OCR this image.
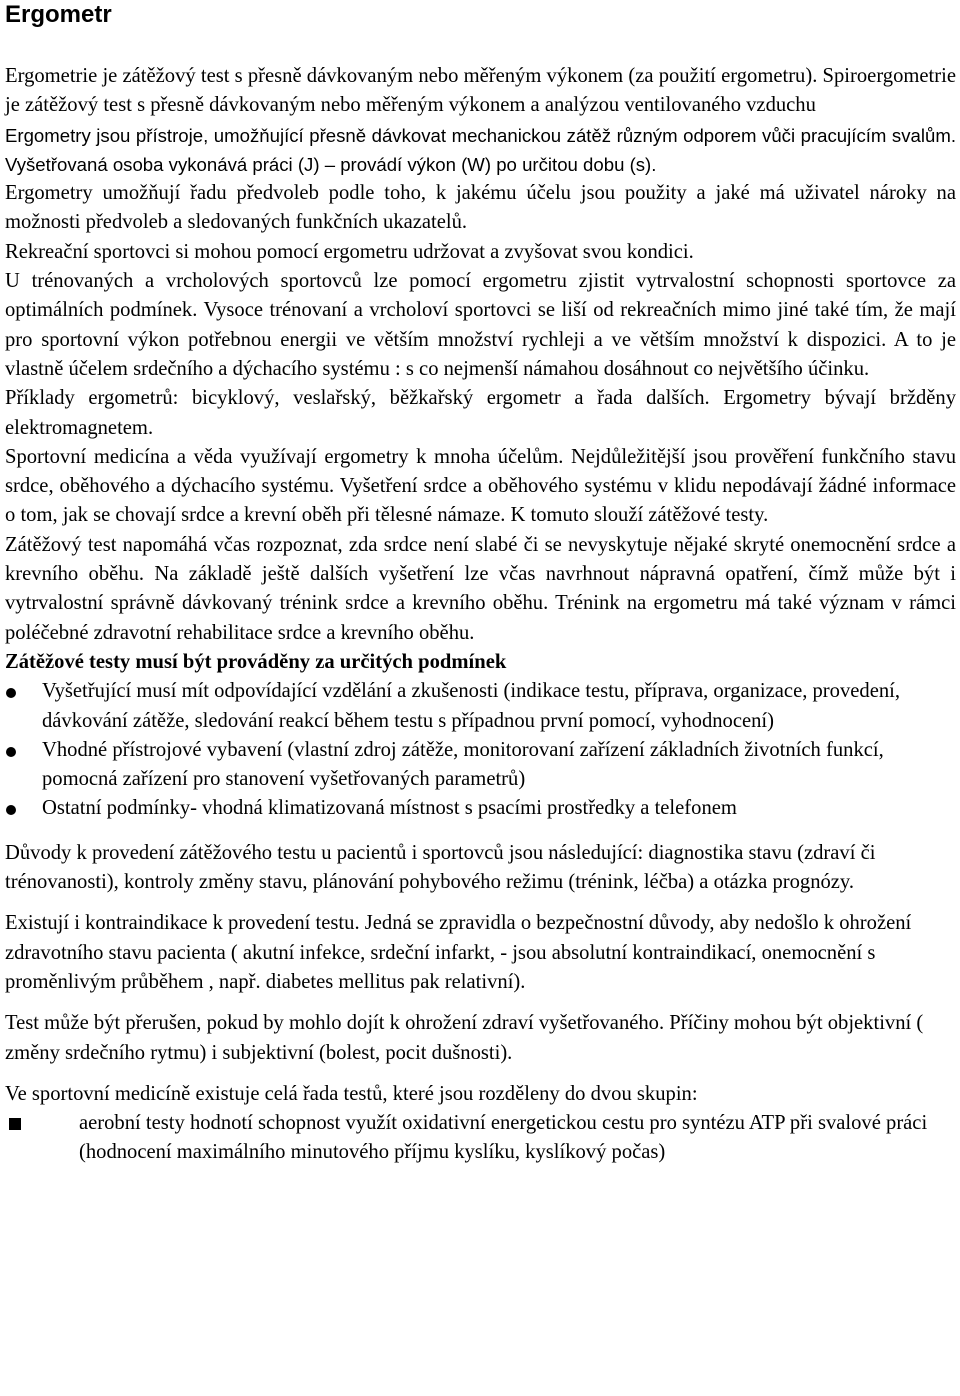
Ergometr

Ergometrie je zátěžový test s přesně dávkovaným nebo měřeným výkonem (za použití ergometru). Spiroergometrie je zátěžový test s přesně dávkovaným nebo měřeným výkonem a analýzou ventilovaného vzduchu

Ergometry jsou přístroje, umožňující přesně dávkovat mechanickou zátěž různým odporem vůči pracujícím svalům. Vyšetřovaná osoba vykonává práci (J) – provádí výkon (W) po určitou dobu (s).

Ergometry umožňují řadu předvoleb podle toho, k jakému účelu jsou použity a jaké má uživatel nároky na možnosti předvoleb a sledovaných funkčních ukazatelů.

Rekreační sportovci si mohou pomocí ergometru udržovat a zvyšovat svou kondici.

U trénovaných a vrcholových sportovců lze pomocí ergometru zjistit vytrvalostní schopnosti sportovce za optimálních podmínek. Vysoce trénovaní a vrcholoví sportovci se liší od rekreačních mimo jiné také tím, že mají pro sportovní výkon potřebnou energii ve větším množství rychleji a ve větším množství k dispozici. A to je vlastně účelem srdečního a dýchacího systému : s co nejmenší námahou dosáhnout co největšího účinku.

Příklady ergometrů: bicyklový, veslařský, běžkařský ergometr a řada dalších. Ergometry bývají bržděny elektromagnetem.

Sportovní medicína a věda využívají ergometry k mnoha účelům. Nejdůležitější jsou prověření funkčního stavu srdce, oběhového a dýchacího systému. Vyšetření srdce a oběhového systému v klidu nepodávají žádné informace o tom, jak se chovají srdce a krevní oběh při tělesné námaze. K tomuto slouží zátěžové testy.

Zátěžový test napomáhá včas rozpoznat, zda srdce není slabé či se nevyskytuje nějaké skryté onemocnění srdce a krevního oběhu. Na základě ještě dalších vyšetření lze včas navrhnout nápravná opatření, čímž může být i vytrvalostní správně dávkovaný trénink srdce a krevního oběhu. Trénink na ergometru má také význam v rámci poléčebné zdravotní rehabilitace srdce a krevního oběhu.

Zátěžové testy musí být prováděny za určitých podmínek

Vyšetřující musí mít odpovídající vzdělání a zkušenosti (indikace testu, příprava, organizace, provedení, dávkování zátěže, sledování reakcí během testu s případnou první pomocí, vyhodnocení)
Vhodné přístrojové vybavení (vlastní zdroj zátěže, monitorovaní zařízení základních životních funkcí, pomocná zařízení pro stanovení vyšetřovaných parametrů)
Ostatní podmínky- vhodná klimatizovaná místnost s psacími prostředky a telefonem

Důvody k provedení zátěžového testu u pacientů i sportovců jsou následující: diagnostika stavu (zdraví či trénovanosti), kontroly změny stavu, plánování pohybového režimu (trénink, léčba) a otázka prognózy.

Existují i kontraindikace k provedení testu. Jedná se zpravidla o bezpečnostní důvody, aby nedošlo k ohrožení zdravotního stavu pacienta ( akutní infekce, srdeční infarkt, - jsou absolutní kontraindikací, onemocnění s proměnlivým průběhem , např. diabetes mellitus pak relativní).

Test může být přerušen, pokud by mohlo dojít k ohrožení zdraví vyšetřovaného. Příčiny mohou být objektivní ( změny srdečního rytmu) i subjektivní (bolest, pocit dušnosti).

Ve sportovní medicíně existuje celá řada testů, které jsou rozděleny do dvou skupin:

aerobní testy hodnotí schopnost využít oxidativní energetickou cestu pro syntézu ATP při svalové práci (hodnocení maximálního minutového příjmu kyslíku, kyslíkový počas)
